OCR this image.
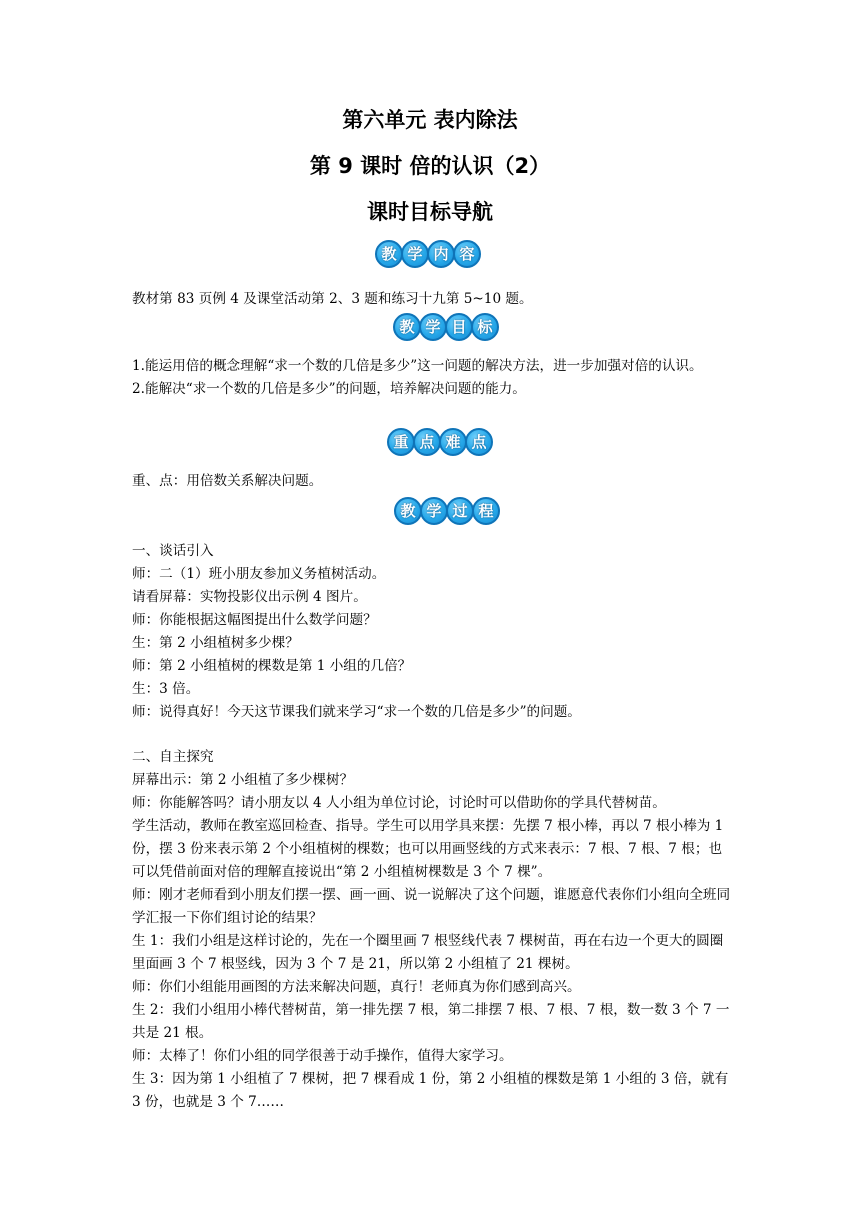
第六单元 表内除法
第 9 课时 倍的认识（2）
课时目标导航
教 学 内 容

教材第 83 页例 4 及课堂活动第 2、3 题和练习十九第 5~10 题。

教 学 目 标

1.能运用倍的概念理解“求一个数的几倍是多少”这一问题的解决方法，进一步加强对倍的认识。

2.能解决“求一个数的几倍是多少”的问题，培养解决问题的能力。

重 点 难 点

重、点：用倍数关系解决问题。

教 学 过 程

一、谈话引入

师：二（1）班小朋友参加义务植树活动。

请看屏幕：实物投影仪出示例 4 图片。

师：你能根据这幅图提出什么数学问题？

生：第 2 小组植树多少棵？

师：第 2 小组植树的棵数是第 1 小组的几倍？

生：3 倍。

师：说得真好！今天这节课我们就来学习“求一个数的几倍是多少”的问题。

二、自主探究

屏幕出示：第 2 小组植了多少棵树？

师：你能解答吗？请小朋友以 4 人小组为单位讨论，讨论时可以借助你的学具代替树苗。

学生活动，教师在教室巡回检查、指导。学生可以用学具来摆：先摆 7 根小棒，再以 7 根小棒为 1 份，摆 3 份来表示第 2 个小组植树的棵数；也可以用画竖线的方式来表示：7 根、7 根、7 根；也可以凭借前面对倍的理解直接说出“第 2 小组植树棵数是 3 个 7 棵”。

师：刚才老师看到小朋友们摆一摆、画一画、说一说解决了这个问题，谁愿意代表你们小组向全班同学汇报一下你们组讨论的结果？

生 1：我们小组是这样讨论的，先在一个圈里画 7 根竖线代表 7 棵树苗，再在右边一个更大的圆圈里面画 3 个 7 根竖线，因为 3 个 7 是 21，所以第 2 小组植了 21 棵树。

师：你们小组能用画图的方法来解决问题，真行！老师真为你们感到高兴。

生 2：我们小组用小棒代替树苗，第一排先摆 7 根，第二排摆 7 根、7 根、7 根，数一数 3 个 7 一共是 21 根。

师：太棒了！你们小组的同学很善于动手操作，值得大家学习。

生 3：因为第 1 小组植了 7 棵树，把 7 棵看成 1 份，第 2 小组植的棵数是第 1 小组的 3 倍，就有 3 份，也就是 3 个 7……
